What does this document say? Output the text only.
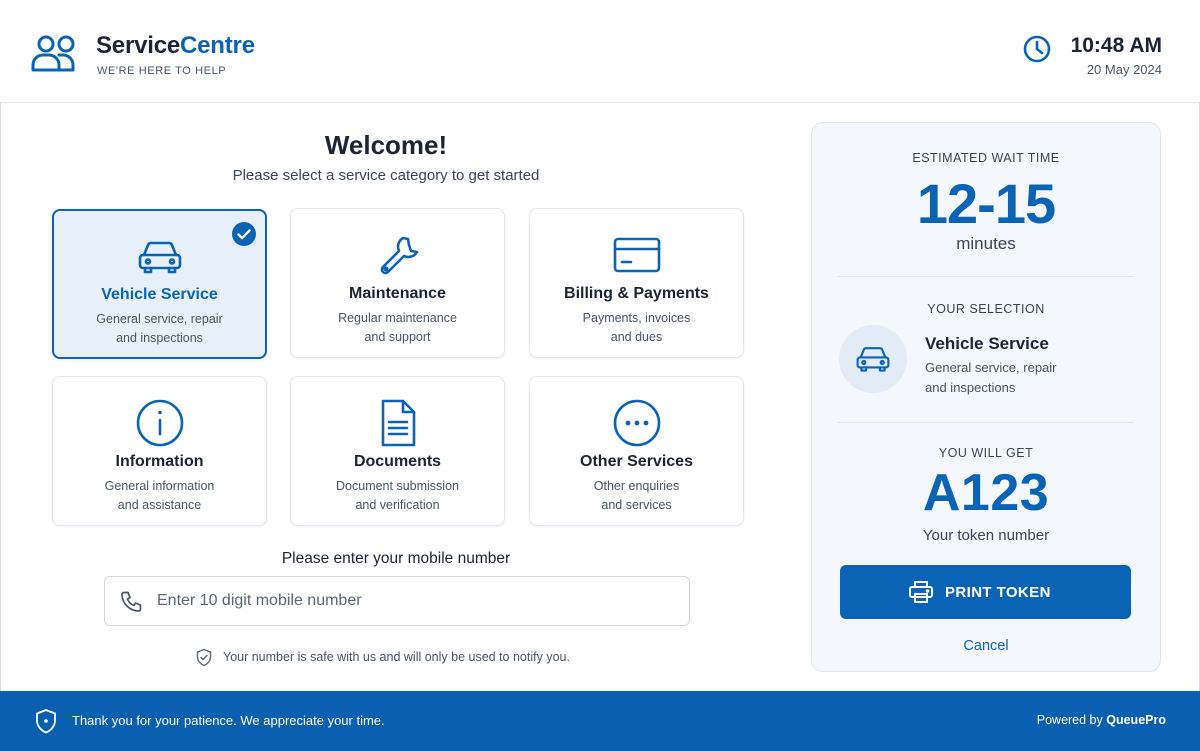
ServiceCentre
WE'RE HERE TO HELP
10:48 AM
20 May 2024
Welcome!
Please select a service category to get started
Vehicle Service
General service, repair
and inspections
Maintenance
Regular maintenance
and support
Billing & Payments
Payments, invoices
and dues
Information
General information
and assistance
Documents
Document submission
and verification
Other Services
Other enquiries
and services
Please enter your mobile number
Enter 10 digit mobile number
Your number is safe with us and will only be used to notify you.
ESTIMATED WAIT TIME
12-15
minutes
YOUR SELECTION
Vehicle Service
General service, repair
and inspections
YOU WILL GET
A123
Your token number
PRINT TOKEN
Cancel
Thank you for your patience. We appreciate your time.	Powered by QueuePro
